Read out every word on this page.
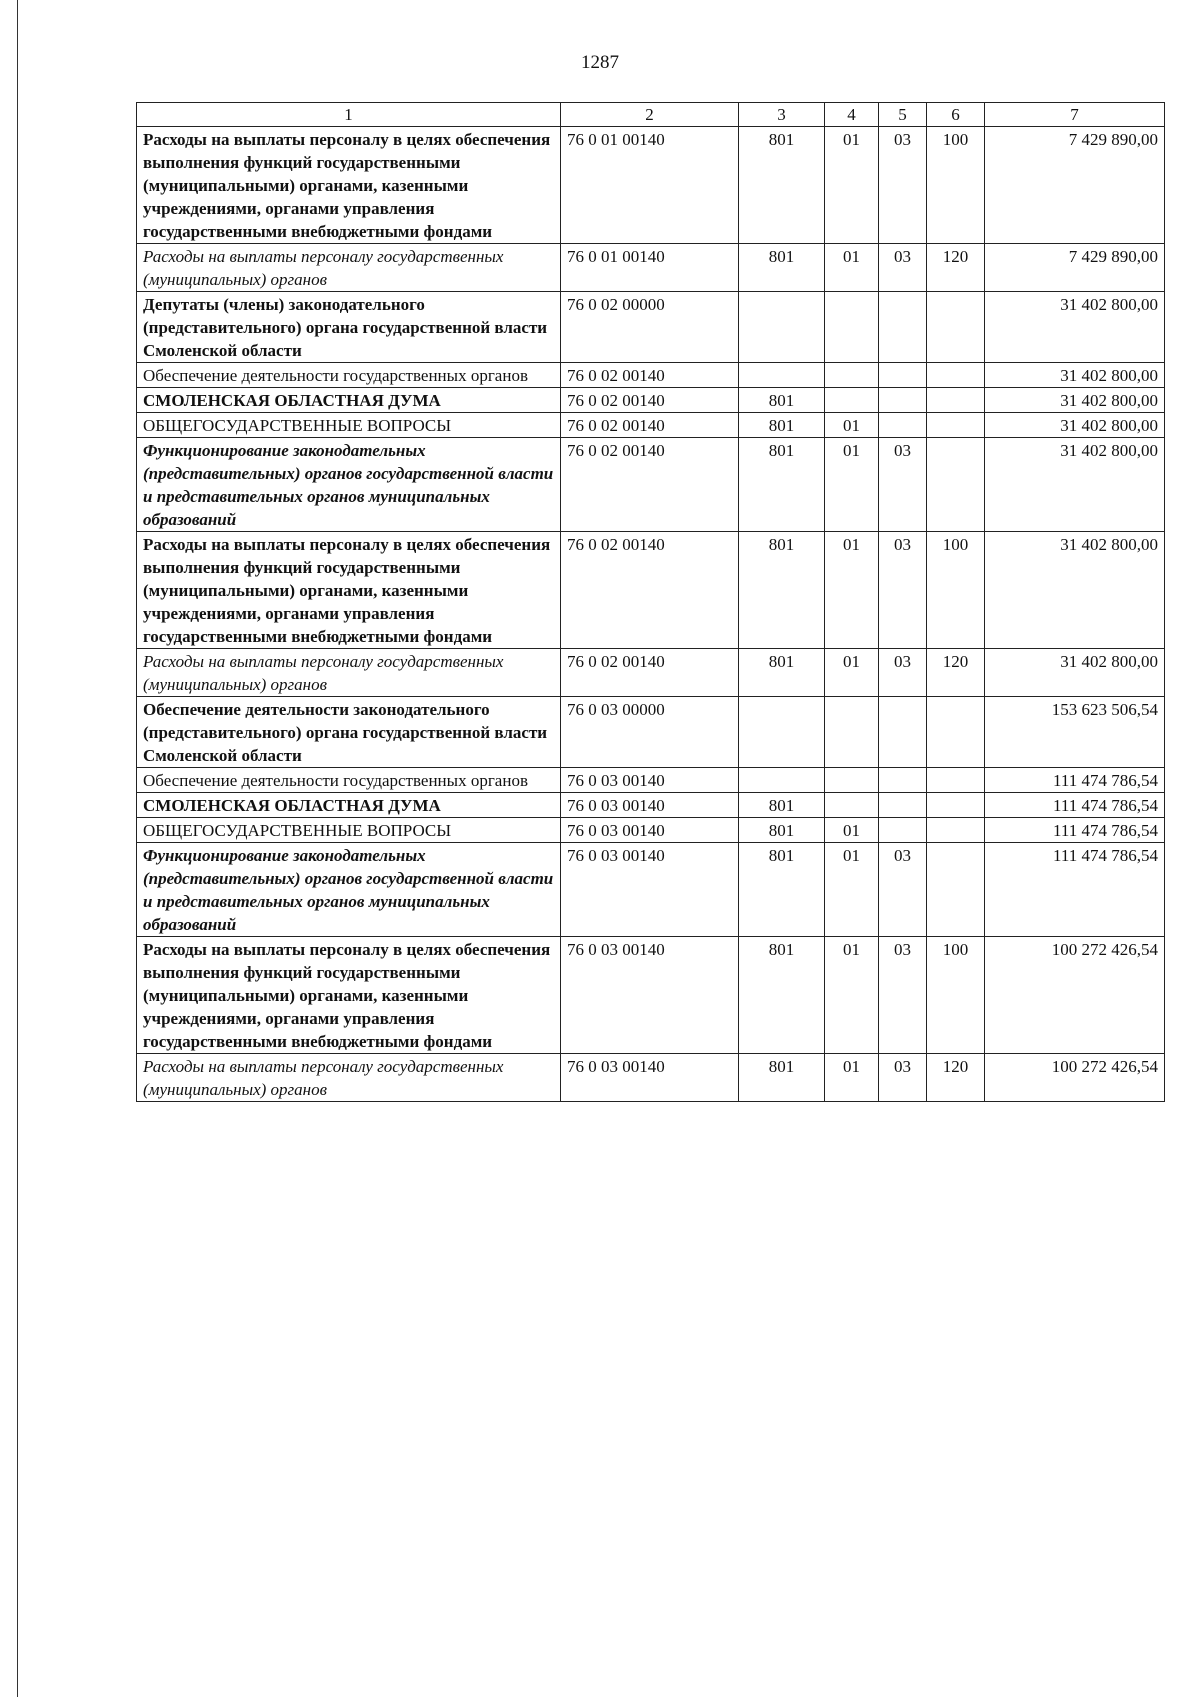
1287
1	2	3	4	5	6	7
Расходы на выплаты персоналу в целях обеспечения выполнения функций государственными (муниципальными) органами, казенными учреждениями, органами управления государственными внебюджетными фондами	76 0 01 00140	801	01	03	100	7 429 890,00
Расходы на выплаты персоналу государственных (муниципальных) органов	76 0 01 00140	801	01	03	120	7 429 890,00
Депутаты (члены) законодательного (представительного) органа государственной власти Смоленской области	76 0 02 00000					31 402 800,00
Обеспечение деятельности государственных органов	76 0 02 00140					31 402 800,00
СМОЛЕНСКАЯ ОБЛАСТНАЯ ДУМА	76 0 02 00140	801				31 402 800,00
ОБЩЕГОСУДАРСТВЕННЫЕ ВОПРОСЫ	76 0 02 00140	801	01			31 402 800,00
Функционирование законодательных (представительных) органов государственной власти и представительных органов муниципальных образований	76 0 02 00140	801	01	03		31 402 800,00
Расходы на выплаты персоналу в целях обеспечения выполнения функций государственными (муниципальными) органами, казенными учреждениями, органами управления государственными внебюджетными фондами	76 0 02 00140	801	01	03	100	31 402 800,00
Расходы на выплаты персоналу государственных (муниципальных) органов	76 0 02 00140	801	01	03	120	31 402 800,00
Обеспечение деятельности законодательного (представительного) органа государственной власти Смоленской области	76 0 03 00000					153 623 506,54
Обеспечение деятельности государственных органов	76 0 03 00140					111 474 786,54
СМОЛЕНСКАЯ ОБЛАСТНАЯ ДУМА	76 0 03 00140	801				111 474 786,54
ОБЩЕГОСУДАРСТВЕННЫЕ ВОПРОСЫ	76 0 03 00140	801	01			111 474 786,54
Функционирование законодательных (представительных) органов государственной власти и представительных органов муниципальных образований	76 0 03 00140	801	01	03		111 474 786,54
Расходы на выплаты персоналу в целях обеспечения выполнения функций государственными (муниципальными) органами, казенными учреждениями, органами управления государственными внебюджетными фондами	76 0 03 00140	801	01	03	100	100 272 426,54
Расходы на выплаты персоналу государственных (муниципальных) органов	76 0 03 00140	801	01	03	120	100 272 426,54
